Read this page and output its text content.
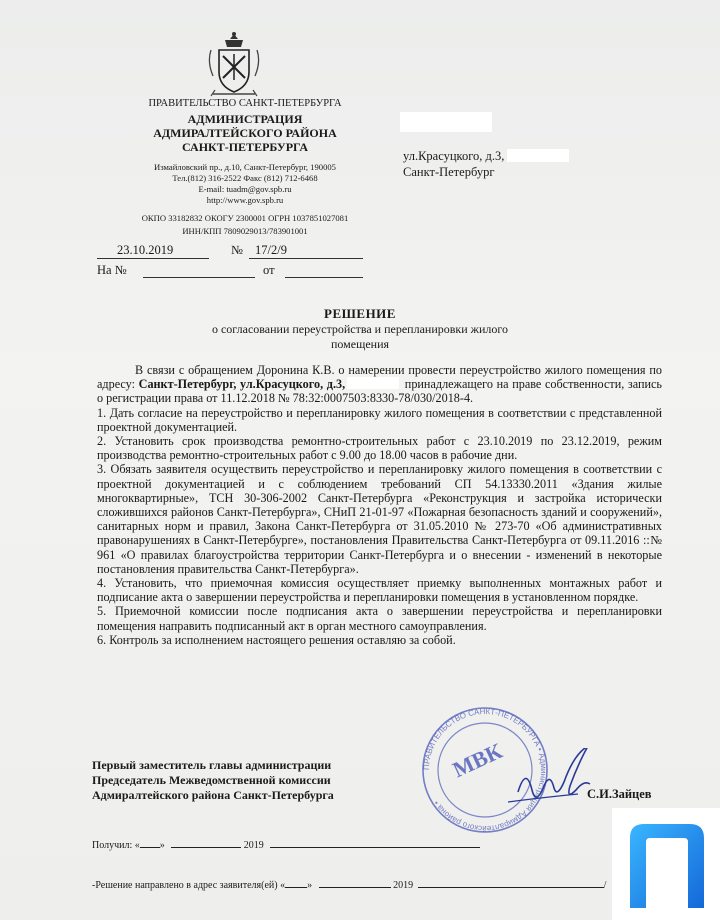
ПРАВИТЕЛЬСТВО САНКТ-ПЕТЕРБУРГА
АДМИНИСТРАЦИЯ
АДМИРАЛТЕЙСКОГО РАЙОНА
САНКТ-ПЕТЕРБУРГА
Измайловский пр., д.10, Санкт-Петербург, 190005
Тел.(812) 316-2522 Факс (812) 712-6468
E-mail: tuadm@gov.spb.ru
http://www.gov.spb.ru
ОКПО 33182832 ОКОГУ 2300001 ОГРН 1037851027081
ИНН/КПП 7809029013/783901001
23.10.2019	№ 17/2/9
На №	от
ул.Красуцкого, д.3,
Санкт-Петербург
РЕШЕНИЕ
о согласовании переустройства и перепланировки жилого помещения

В связи с обращением Доронина К.В. о намерении провести переустройство жилого помещения по адресу: Санкт-Петербург, ул.Красуцкого, д.3,	принадлежащего на праве собственности, запись о регистрации права от 11.12.2018 № 78:32:0007503:8330-78/030/2018-4.

1. Дать согласие на переустройство и перепланировку жилого помещения в соответствии с представленной проектной документацией.

2. Установить срок производства ремонтно-строительных работ с 23.10.2019 по 23.12.2019, режим производства ремонтно-строительных работ с 9.00 до 18.00 часов в рабочие дни.

3. Обязать заявителя осуществить переустройство и перепланировку жилого помещения в соответствии с проектной документацией и с соблюдением требований СП 54.13330.2011 «Здания жилые многоквартирные», ТСН 30-306-2002 Санкт-Петербурга «Реконструкция и застройка исторически сложившихся районов Санкт-Петербурга», СНиП 21-01-97 «Пожарная безопасность зданий и сооружений», санитарных норм и правил, Закона Санкт-Петербурга от 31.05.2010 № 273-70 «Об административных правонарушениях в Санкт-Петербурге», постановления Правительства Санкт-Петербурга от 09.11.2016 ::№ 961 «О правилах благоустройства территории Санкт-Петербурга и о внесении - изменений в некоторые постановления правительства Санкт-Петербурга».

4. Установить, что приемочная комиссия осуществляет приемку выполненных монтажных работ и подписание акта о завершении переустройства и перепланировки помещения в установленном порядке.

5. Приемочной комиссии после подписания акта о завершении переустройства и перепланировки помещения направить подписанный акт в орган местного самоуправления.

6. Контроль за исполнением настоящего решения оставляю за собой.

Первый заместитель главы администрации
Председатель Межведомственной комиссии
Адмиралтейского района Санкт-Петербурга
ПРАВИТЕЛЬСТВО САНКТ-ПЕТЕРБУРГА • Администрация Адмиралтейского района •
МВК
С.И.Зайцев
Получил: « »	2019
-Решение направлено в адрес заявителя(ей) « »	2019	/
